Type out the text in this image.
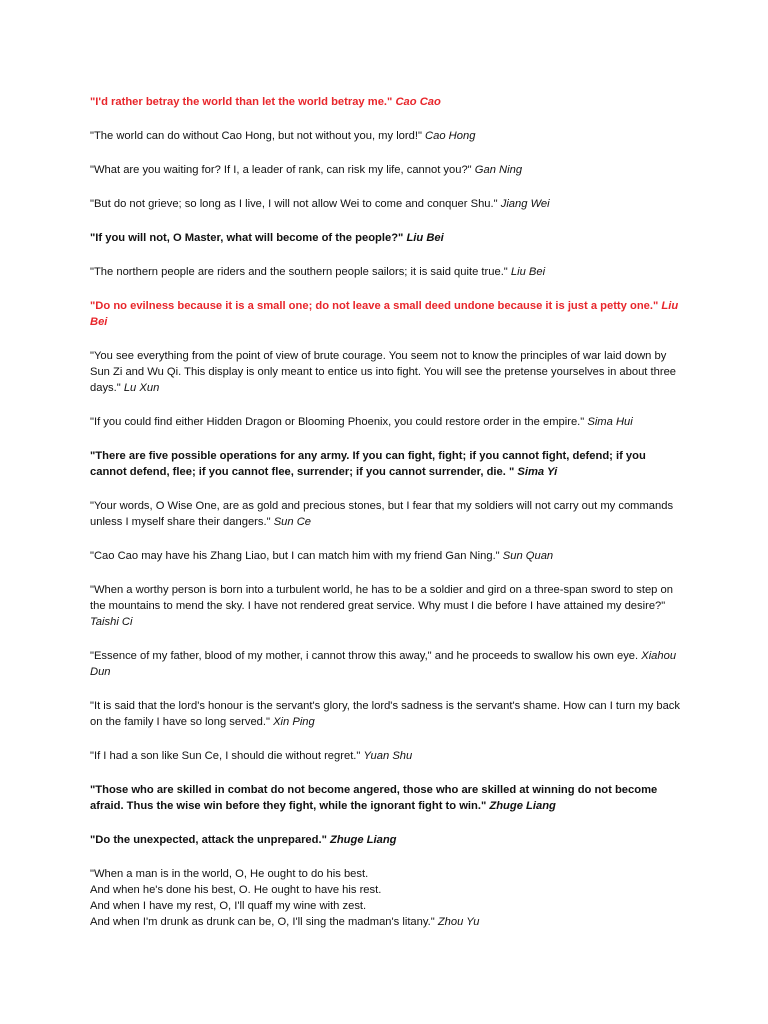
"I'd rather betray the world than let the world betray me." Cao Cao

"The world can do without Cao Hong, but not without you, my lord!" Cao Hong

"What are you waiting for? If I, a leader of rank, can risk my life, cannot you?" Gan Ning

"But do not grieve; so long as I live, I will not allow Wei to come and conquer Shu." Jiang Wei

"If you will not, O Master, what will become of the people?" Liu Bei

"The northern people are riders and the southern people sailors; it is said quite true." Liu Bei

"Do no evilness because it is a small one; do not leave a small deed undone because it is just a petty one." Liu Bei

"You see everything from the point of view of brute courage. You seem not to know the principles of war laid down by Sun Zi and Wu Qi. This display is only meant to entice us into fight. You will see the pretense yourselves in about three days." Lu Xun

"If you could find either Hidden Dragon or Blooming Phoenix, you could restore order in the empire." Sima Hui

"There are five possible operations for any army. If you can fight, fight; if you cannot fight, defend; if you cannot defend, flee; if you cannot flee, surrender; if you cannot surrender, die. " Sima Yi

"Your words, O Wise One, are as gold and precious stones, but I fear that my soldiers will not carry out my commands unless I myself share their dangers." Sun Ce

"Cao Cao may have his Zhang Liao, but I can match him with my friend Gan Ning." Sun Quan

"When a worthy person is born into a turbulent world, he has to be a soldier and gird on a three-span sword to step on the mountains to mend the sky. I have not rendered great service. Why must I die before I have attained my desire?" Taishi Ci

"Essence of my father, blood of my mother, i cannot throw this away," and he proceeds to swallow his own eye. Xiahou Dun

"It is said that the lord's honour is the servant's glory, the lord's sadness is the servant's shame. How can I turn my back on the family I have so long served." Xin Ping

"If I had a son like Sun Ce, I should die without regret." Yuan Shu

"Those who are skilled in combat do not become angered, those who are skilled at winning do not become afraid. Thus the wise win before they fight, while the ignorant fight to win." Zhuge Liang

"Do the unexpected, attack the unprepared." Zhuge Liang

"When a man is in the world, O, He ought to do his best.
And when he's done his best, O. He ought to have his rest.
And when I have my rest, O, I'll quaff my wine with zest.
And when I'm drunk as drunk can be, O, I'll sing the madman's litany." Zhou Yu
